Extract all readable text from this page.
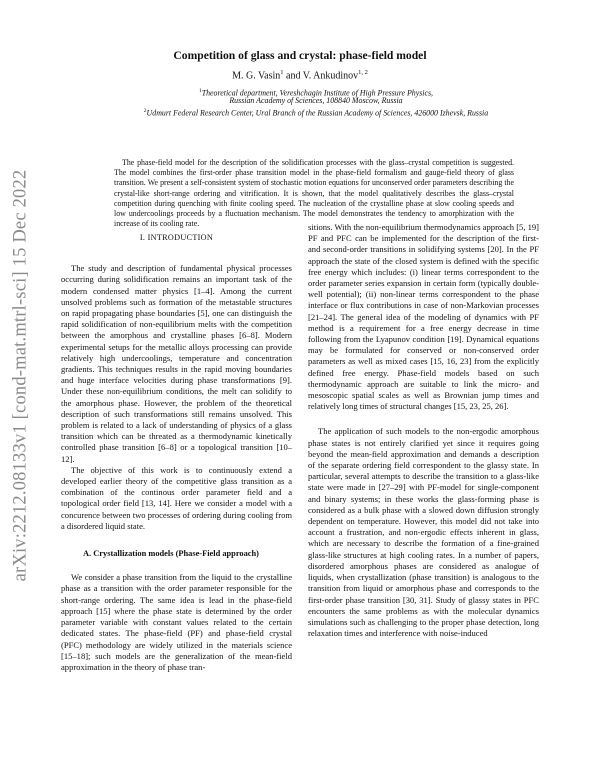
arXiv:2212.08133v1 [cond-mat.mtrl-sci] 15 Dec 2022
Competition of glass and crystal: phase-field model
M. G. Vasin$^1$ and V. Ankudinov$^{1, 2}$
$^1$Theoretical department, Vereshchagin Institute of High Pressure Physics,
Russian Academy of Sciences, 108840 Moscow, Russia
$^2$Udmurt Federal Research Center, Ural Branch of the Russian Academy of Sciences, 426000 Izhevsk, Russia
The phase-field model for the description of the solidification processes with the glass–crystal competition is suggested. The model combines the first-order phase transition model in the phase-field formalism and gauge-field theory of glass transition. We present a self-consistent system of stochastic motion equations for unconserved order parameters describing the crystal-like short-range ordering and vitrification. It is shown, that the model qualitatively describes the glass–crystal competition during quenching with finite cooling speed. The nucleation of the crystalline phase at slow cooling speeds and low undercoolings proceeds by a fluctuation mechanism. The model demonstrates the tendency to amorphization with the increase of its cooling rate.
I. INTRODUCTION

The study and description of fundamental physical processes occurring during solidification remains an important task of the modern condensed matter physics [1–4]. Among the current unsolved problems such as formation of the metastable structures on rapid propagating phase boundaries [5], one can distinguish the rapid solidification of non-equilibrium melts with the competition between the amorphous and crystalline phases [6–8]. Modern experimental setups for the metallic alloys processing can provide relatively high undercoolings, temperature and concentration gradients. This techniques results in the rapid moving boundaries and huge interface velocities during phase transformations [9]. Under these non-equilibrium conditions, the melt can solidify to the amorphous phase. However, the problem of the theoretical description of such transformations still remains unsolved. This problem is related to a lack of understanding of physics of a glass transition which can be threated as a thermodynamic kinetically controlled phase transition [6–8] or a topological transition [10–12].

The objective of this work is to continuously extend a developed earlier theory of the competitive glass transition as a combination of the continous order parameter field and a topological order field [13, 14]. Here we consider a model with a concurence between two processes of ordering during cooling from a disordered liquid state.

A. Crystallization models (Phase-Field approach)

We consider a phase transition from the liquid to the crystalline phase as a transition with the order parameter responsible for the short-range ordering. The same idea is lead in the phase-field approach [15] where the phase state is determined by the order parameter variable with constant values related to the certain dedicated states. The phase-field (PF) and phase-field crystal (PFC) methodology are widely utilized in the materials science [15–18]; such models are the generalization of the mean-field approximation in the theory of phase tran-

sitions. With the non-equilibrium thermodynamics approach [5, 19] PF and PFC can be implemented for the description of the first- and second-order transitions in solidifying systems [20]. In the PF approach the state of the closed system is defined with the specific free energy which includes: (i) linear terms correspondent to the order parameter series expansion in certain form (typically double-well potential); (ii) non-linear terms correspondent to the phase interface or flux contributions in case of non-Markovian processes [21–24]. The general idea of the modeling of dynamics with PF method is a requirement for a free energy decrease in time following from the Lyapunov condition [19]. Dynamical equations may be formulated for conserved or non-conserved order parameters as well as mixed cases [15, 16, 23] from the explicitly defined free energy. Phase-field models based on such thermodynamic approach are suitable to link the micro- and mesoscopic spatial scales as well as Brownian jump times and relatively long times of structural changes [15, 23, 25, 26].

The application of such models to the non-ergodic amorphous phase states is not entirely clarified yet since it requires going beyond the mean-field approximation and demands a description of the separate ordering field correspondent to the glassy state. In particular, several attempts to describe the transition to a glass-like state were made in [27–29] with PF-model for single-component and binary systems; in these works the glass-forming phase is considered as a bulk phase with a slowed down diffusion strongly dependent on temperature. However, this model did not take into account a frustration, and non-ergodic effects inherent in glass, which are necessary to describe the formation of a fine-grained glass-like structures at high cooling rates. In a number of papers, disordered amorphous phases are considered as analogue of liquids, when crystallization (phase transition) is analogous to the transition from liquid or amorphous phase and corresponds to the first-order phase transition [30, 31]. Study of glassy states in PFC encounters the same problems as with the molecular dynamics simulations such as challenging to the proper phase detection, long relaxation times and interference with noise-induced
